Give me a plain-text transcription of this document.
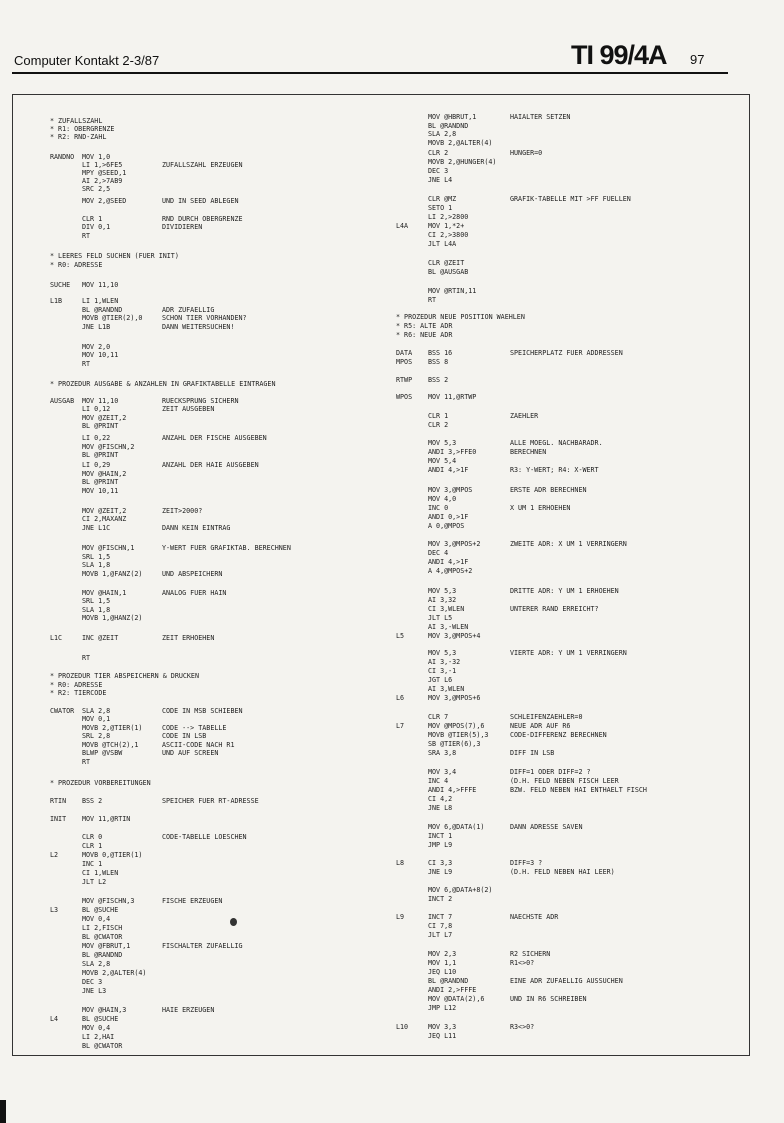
Computer Kontakt 2-3/87	TI 99/4A 97
* ZUFALLSZAHL
* R1: OBERGRENZE
* R2: RND-ZAHL
RANDNO MOV 1,0
LI 1,>6FE5	ZUFALLSZAHL ERZEUGEN
MPY @SEED,1
AI 2,>7AB9
SRC 2,5
MOV 2,@SEED	UND IN SEED ABLEGEN
CLR 1	RND DURCH OBERGRENZE
DIV 0,1	DIVIDIEREN
RT
* LEERES FELD SUCHEN (FUER INIT)
* R0: ADRESSE
SUCHE MOV 11,10
L1B	LI 1,WLEN
BL @RANDND	ADR ZUFAELLIG
MOVB @TIER(2),0	SCHON TIER VORHANDEN?
JNE L1B	DANN WEITERSUCHEN!
MOV 2,0
MOV 10,11
RT
* PROZEDUR AUSGABE & ANZAHLEN IN GRAFIKTABELLE EINTRAGEN
AUSGAB MOV 11,10	RUECKSPRUNG SICHERN
LI 0,12	ZEIT AUSGEBEN
MOV @ZEIT,2
BL @PRINT
LI 0,22	ANZAHL DER FISCHE AUSGEBEN
MOV @FISCHN,2
BL @PRINT
LI 0,29	ANZAHL DER HAIE AUSGEBEN
MOV @HAIN,2
BL @PRINT
MOV 10,11
MOV @ZEIT,2	ZEIT>2000?
CI 2,MAXANZ
JNE L1C	DANN KEIN EINTRAG
MOV @FISCHN,1	Y-WERT FUER GRAFIKTAB. BERECHNEN
SRL 1,5
SLA 1,8
MOVB 1,@FANZ(2)	UND ABSPEICHERN
MOV @HAIN,1	ANALOG FUER HAIN
SRL 1,5
SLA 1,8
MOVB 1,@HANZ(2)
L1C	INC @ZEIT	ZEIT ERHOEHEN
RT
* PROZEDUR TIER ABSPEICHERN & DRUCKEN
* R0: ADRESSE
* R2: TIERCODE
CWATOR SLA 2,8	CODE IN MSB SCHIEBEN
MOV 0,1
MOVB 2,@TIER(1)	CODE --> TABELLE
SRL 2,8	CODE IN LSB
MOVB @TCH(2),1	ASCII-CODE NACH R1
BLWP @VSBW	UND AUF SCREEN
RT
* PROZEDUR VORBEREITUNGEN
RTIN BSS 2	SPEICHER FUER RT-ADRESSE
INIT MOV 11,@RTIN
CLR 0	CODE-TABELLE LOESCHEN
CLR 1
L2	MOVB 0,@TIER(1)
INC 1
CI 1,WLEN
JLT L2
MOV @FISCHN,3	FISCHE ERZEUGEN
L3	BL @SUCHE
MOV 0,4
LI 2,FISCH
BL @CWATOR
MOV @FBRUT,1	FISCHALTER ZUFAELLIG
BL @RANDND
SLA 2,8
MOVB 2,@ALTER(4)
DEC 3
JNE L3
MOV @HAIN,3	HAIE ERZEUGEN
L4	BL @SUCHE
MOV 0,4
LI 2,HAI
BL @CWATOR
MOV @HBRUT,1	HAIALTER SETZEN
BL @RANDND
SLA 2,8
MOVB 2,@ALTER(4)
CLR 2	HUNGER=0
MOVB 2,@HUNGER(4)
DEC 3
JNE L4
CLR @MZ	GRAFIK-TABELLE MIT >FF FUELLEN
SETO 1
LI 2,>2800
L4A	MOV 1,*2+
CI 2,>3800
JLT L4A
CLR @ZEIT
BL @AUSGAB
MOV @RTIN,11
RT
* PROZEDUR NEUE POSITION WAEHLEN
* R5: ALTE ADR
* R6: NEUE ADR
DATA BSS 16	SPEICHERPLATZ FUER ADDRESSEN
MPOS BSS 8
RTWP BSS 2
WPOS MOV 11,@RTWP
CLR 1	ZAEHLER
CLR 2
MOV 5,3	ALLE MOEGL. NACHBARADR.
ANDI 3,>FFE0	BERECHNEN
MOV 5,4
ANDI 4,>1F	R3: Y-WERT; R4: X-WERT
MOV 3,@MPOS	ERSTE ADR BERECHNEN
MOV 4,0
INC 0	X UM 1 ERHOEHEN
ANDI 0,>1F
A 0,@MPOS
MOV 3,@MPOS+2	ZWEITE ADR: X UM 1 VERRINGERN
DEC 4
ANDI 4,>1F
A 4,@MPOS+2
MOV 5,3	DRITTE ADR: Y UM 1 ERHOEHEN
AI 3,32
CI 3,WLEN	UNTERER RAND ERREICHT?
JLT L5
AI 3,-WLEN
L5	MOV 3,@MPOS+4
MOV 5,3	VIERTE ADR: Y UM 1 VERRINGERN
AI 3,-32
CI 3,-1
JGT L6
AI 3,WLEN
L6	MOV 3,@MPOS+6
CLR 7	SCHLEIFENZAEHLER=0
L7	MOV @MPOS(7),6	NEUE ADR AUF R6
MOVB @TIER(5),3	CODE-DIFFERENZ BERECHNEN
SB @TIER(6),3
SRA 3,8	DIFF IN LSB
MOV 3,4	DIFF=1 ODER DIFF=2 ?
INC 4	(D.H. FELD NEBEN FISCH LEER
ANDI 4,>FFFE	BZW. FELD NEBEN HAI ENTHAELT FISCH
CI 4,2
JNE L8
MOV 6,@DATA(1)	DANN ADRESSE SAVEN
INCT 1
JMP L9
L8	CI 3,3	DIFF=3 ?
JNE L9	(D.H. FELD NEBEN HAI LEER)
MOV 6,@DATA+8(2)
INCT 2
L9	INCT 7	NAECHSTE ADR
CI 7,8
JLT L7
MOV 2,3	R2 SICHERN
MOV 1,1	R1<>0?
JEQ L10
BL @RANDND	EINE ADR ZUFAELLIG AUSSUCHEN
ANDI 2,>FFFE
MOV @DATA(2),6	UND IN R6 SCHREIBEN
JMP L12
L10	MOV 3,3	R3<>0?
JEQ L11
